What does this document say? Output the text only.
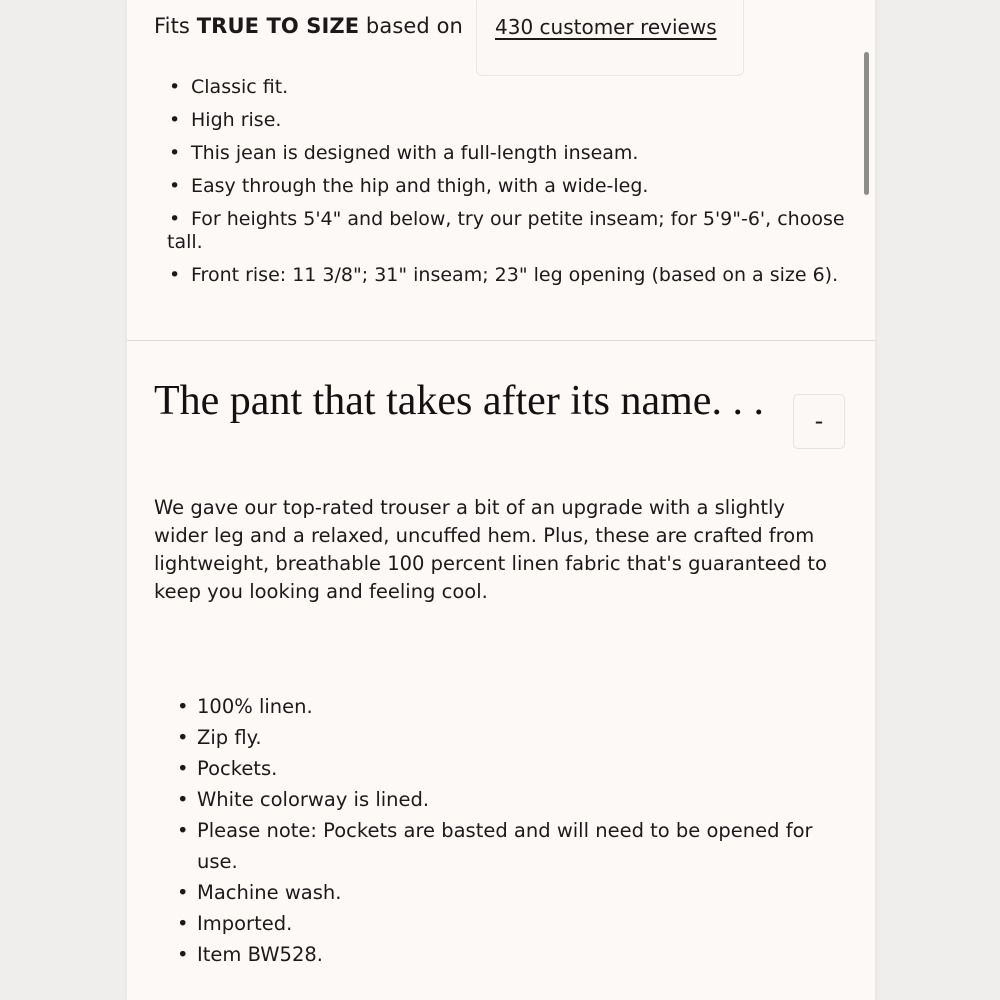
Fits TRUE TO SIZE based on 430 customer reviews
• Classic fit.
• High rise.
• This jean is designed with a full-length inseam.
• Easy through the hip and thigh, with a wide-leg.
• For heights 5'4" and below, try our petite inseam; for 5'9"-6', choose tall.
• Front rise: 11 3/8"; 31" inseam; 23" leg opening (based on a size 6).
The pant that takes after its name. . .	-

We gave our top-rated trouser a bit of an upgrade with a slightly wider leg and a relaxed, uncuffed hem. Plus, these are crafted from lightweight, breathable 100 percent linen fabric that's guaranteed to keep you looking and feeling cool.

• 100% linen.
• Zip fly.
• Pockets.
• White colorway is lined.
• Please note: Pockets are basted and will need to be opened for use.
• Machine wash.
• Imported.
• Item BW528.
